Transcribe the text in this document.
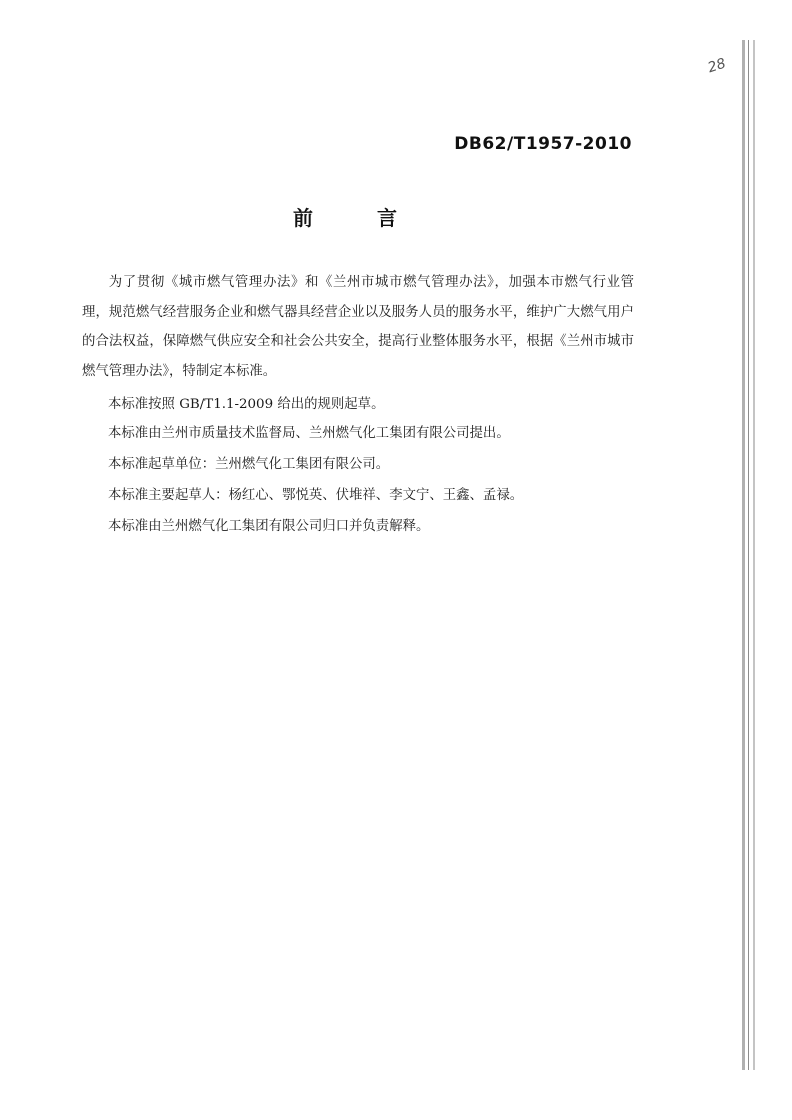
28
DB62/T1957-2010
前　言

为了贯彻《城市燃气管理办法》和《兰州市城市燃气管理办法》，加强本市燃气行业管理，规范燃气经营服务企业和燃气器具经营企业以及服务人员的服务水平，维护广大燃气用户的合法权益，保障燃气供应安全和社会公共安全，提高行业整体服务水平，根据《兰州市城市燃气管理办法》，特制定本标准。

本标准按照 GB/T1.1-2009 给出的规则起草。

本标准由兰州市质量技术监督局、兰州燃气化工集团有限公司提出。

本标准起草单位：兰州燃气化工集团有限公司。

本标准主要起草人：杨红心、鄂悦英、伏堆祥、李文宁、王鑫、孟禄。

本标准由兰州燃气化工集团有限公司归口并负责解释。
